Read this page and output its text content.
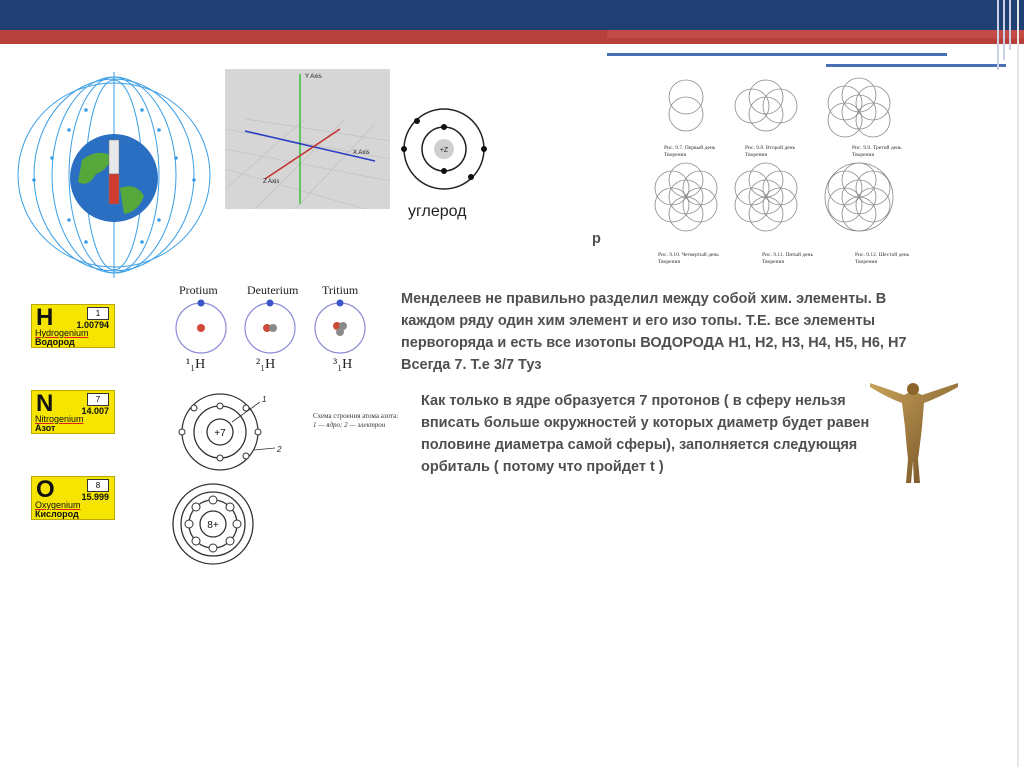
Y Axis
X Axis
Z Axis
+Z
углерод
р
Рис. 9.7. Первый день Творения
Рис. 9.8. Второй день Творения
Рис. 9.9. Третий день Творения
Рис. 9.10. Четвертый день Творения
Рис. 9.11. Пятый день Творения
Рис. 9.12. Шестой день Творения
H	1
1.00794
Hydrogenium
Водород
N	7
14.007
Nitrogenium
Азот
O	8
15.999
Oxygenium
Кислород
Protium Deuterium Tritium
¹₁H	²₁H	³₁H
+7
1
2
Схема строения атома азота:
1 — ядро; 2 — электрон
8+
Менделеев не правильно разделил между собой хим. элементы. В
каждом ряду один хим элемент и его изо топы. Т.Е. все элементы
первогоряда и есть все изотопы ВОДОРОДА Н1, Н2, Н3, Н4, Н5, Н6, Н7
Всегда 7. Т.е 3/7 Туз
Как только в ядре образуется 7 протонов ( в сферу нельзя
вписать больше окружностей у которых диаметр будет равен
половине диаметра самой сферы), заполняется следующяя
орбиталь ( потому что пройдет t )
